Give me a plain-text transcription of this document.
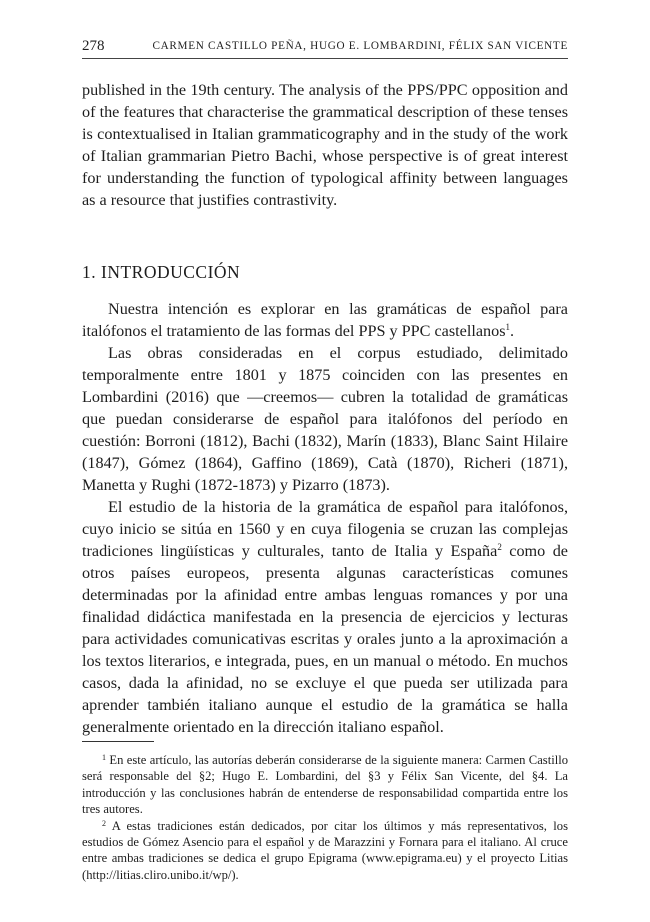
278	CARMEN CASTILLO PEÑA, HUGO E. LOMBARDINI, FÉLIX SAN VICENTE

published in the 19th century. The analysis of the PPS/PPC opposition and of the features that characterise the grammatical description of these tenses is contextualised in Italian grammaticography and in the study of the work of Italian grammarian Pietro Bachi, whose perspective is of great interest for understanding the function of typological affinity between languages as a resource that justifies contrastivity.

1. INTRODUCCIÓN

Nuestra intención es explorar en las gramáticas de español para italófonos el tratamiento de las formas del PPS y PPC castellanos$^1$.

Las obras consideradas en el corpus estudiado, delimitado temporalmente entre 1801 y 1875 coinciden con las presentes en Lombardini (2016) que —creemos— cubren la totalidad de gramáticas que puedan considerarse de español para italófonos del período en cuestión: Borroni (1812), Bachi (1832), Marín (1833), Blanc Saint Hilaire (1847), Gómez (1864), Gaffino (1869), Catà (1870), Richeri (1871), Manetta y Rughi (1872-1873) y Pizarro (1873).

El estudio de la historia de la gramática de español para italófonos, cuyo inicio se sitúa en 1560 y en cuya filogenia se cruzan las complejas tradiciones lingüísticas y culturales, tanto de Italia y España$^2$ como de otros países europeos, presenta algunas características comunes determinadas por la afinidad entre ambas lenguas romances y por una finalidad didáctica manifestada en la presencia de ejercicios y lecturas para actividades comunicativas escritas y orales junto a la aproximación a los textos literarios, e integrada, pues, en un manual o método. En muchos casos, dada la afinidad, no se excluye el que pueda ser utilizada para aprender también italiano aunque el estudio de la gramática se halla generalmente orientado en la dirección italiano español.

$^1$ En este artículo, las autorías deberán considerarse de la siguiente manera: Carmen Castillo será responsable del §2; Hugo E. Lombardini, del §3 y Félix San Vicente, del §4. La introducción y las conclusiones habrán de entenderse de responsabilidad compartida entre los tres autores.

$^2$ A estas tradiciones están dedicados, por citar los últimos y más representativos, los estudios de Gómez Asencio para el español y de Marazzini y Fornara para el italiano. Al cruce entre ambas tradiciones se dedica el grupo Epigrama (www.epigrama.eu) y el proyecto Litias (http://litias.cliro.unibo.it/wp/).
